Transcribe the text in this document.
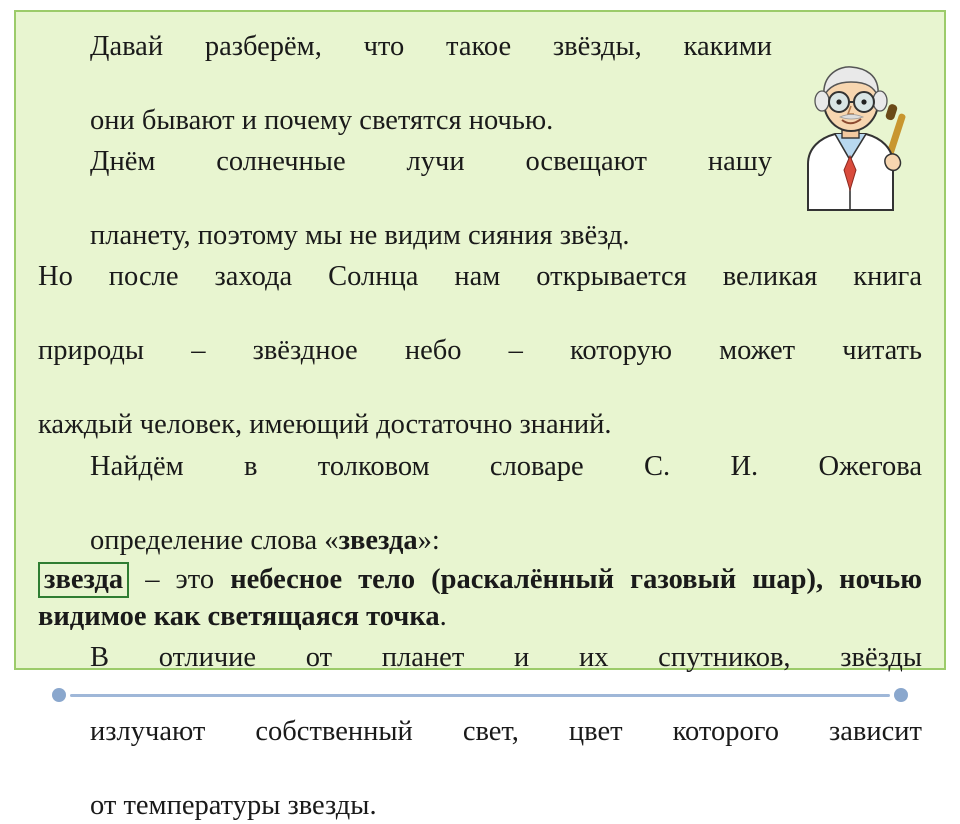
Давай разберём, что такое звёзды, какими
они бывают и почему светятся ночью.

Днём солнечные лучи освещают нашу
планету, поэтому мы не видим сияния звёзд.

Но после захода Солнца нам открывается великая книга
природы – звёздное небо – которую может читать
каждый человек, имеющий достаточно знаний.

Найдём в толковом словаре С. И. Ожегова
определение слова «звезда»:

звезда – это небесное тело (раскалённый газовый шар), ночью видимое как светящаяся точка.

В отличие от планет и их спутников, звёзды
излучают собственный свет, цвет которого зависит
от температуры звезды.
